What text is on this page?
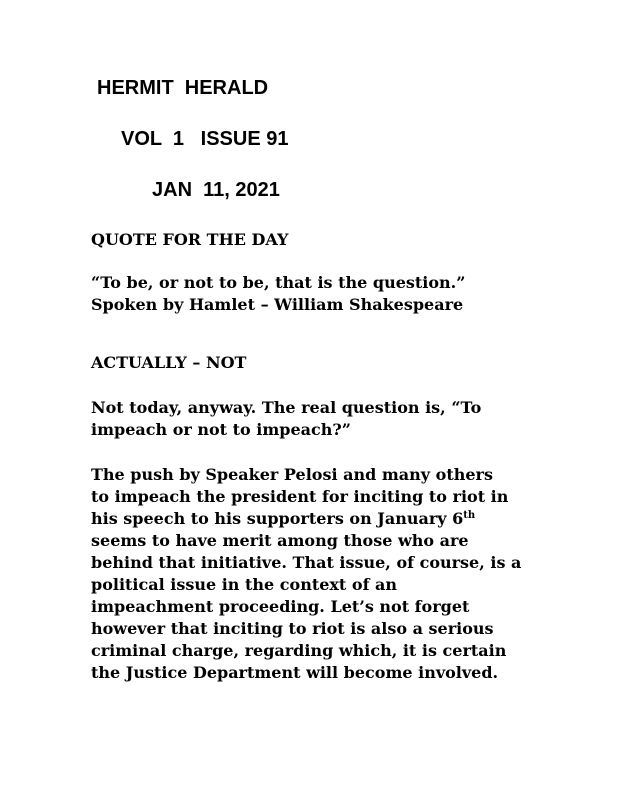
HERMIT  HERALD
VOL  1   ISSUE 91
JAN  11, 2021
QUOTE FOR THE DAY
“To be, or not to be, that is the question.”
Spoken by Hamlet – William Shakespeare
ACTUALLY – NOT
Not today, anyway. The real question is, “To impeach or not to impeach?”
The push by Speaker Pelosi and many others
to impeach the president for inciting to riot in
his speech to his supporters on January 6th
seems to have merit among those who are
behind that initiative. That issue, of course, is a
political issue in the context of an
impeachment proceeding. Let’s not forget
however that inciting to riot is also a serious
criminal charge, regarding which, it is certain
the Justice Department will become involved.
